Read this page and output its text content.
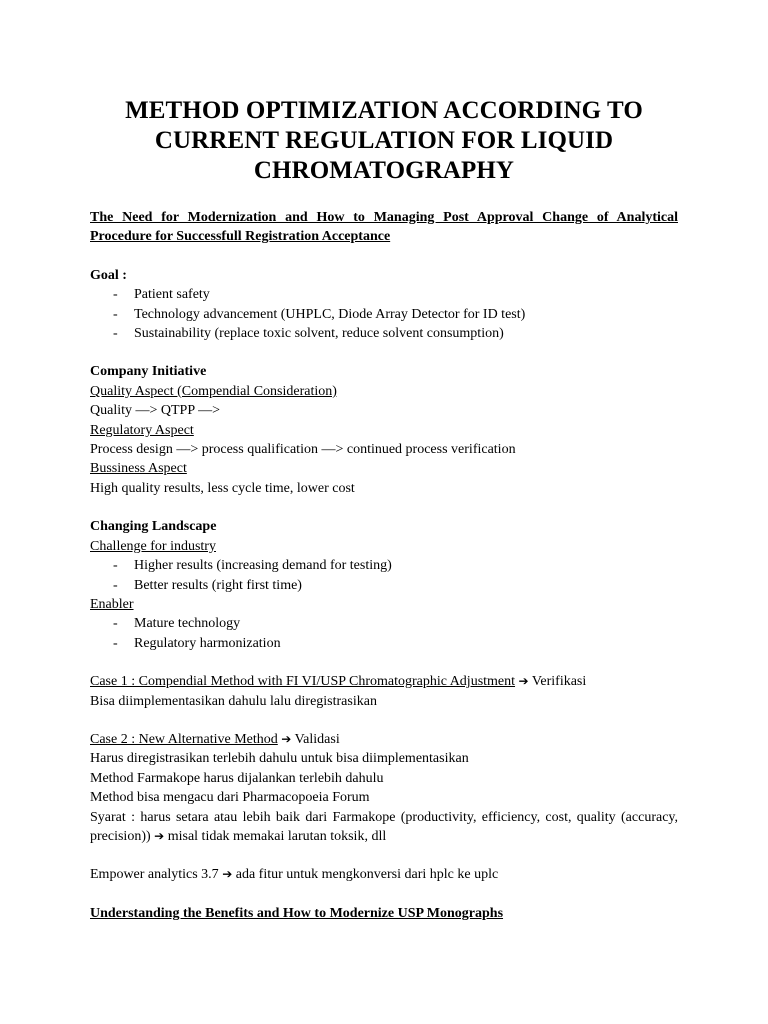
METHOD OPTIMIZATION ACCORDING TO CURRENT REGULATION FOR LIQUID CHROMATOGRAPHY
The Need for Modernization and How to Managing Post Approval Change of Analytical Procedure for Successfull Registration Acceptance
Goal :
- Patient safety
- Technology advancement (UHPLC, Diode Array Detector for ID test)
- Sustainability (replace toxic solvent, reduce solvent consumption)
Company Initiative
Quality Aspect (Compendial Consideration)
Quality —> QTPP —>
Regulatory Aspect
Process design —> process qualification —> continued process verification
Bussiness Aspect
High quality results, less cycle time, lower cost
Changing Landscape
Challenge for industry
- Higher results (increasing demand for testing)
- Better results (right first time)
Enabler
- Mature technology
- Regulatory harmonization
Case 1 : Compendial Method with FI VI/USP Chromatographic Adjustment ➔ Verifikasi
Bisa diimplementasikan dahulu lalu diregistrasikan
Case 2 : New Alternative Method ➔ Validasi
Harus diregistrasikan terlebih dahulu untuk bisa diimplementasikan
Method Farmakope harus dijalankan terlebih dahulu
Method bisa mengacu dari Pharmacopoeia Forum
Syarat : harus setara atau lebih baik dari Farmakope (productivity, efficiency, cost, quality (accuracy, precision)) ➔ misal tidak memakai larutan toksik, dll
Empower analytics 3.7 ➔ ada fitur untuk mengkonversi dari hplc ke uplc
Understanding the Benefits and How to Modernize USP Monographs
